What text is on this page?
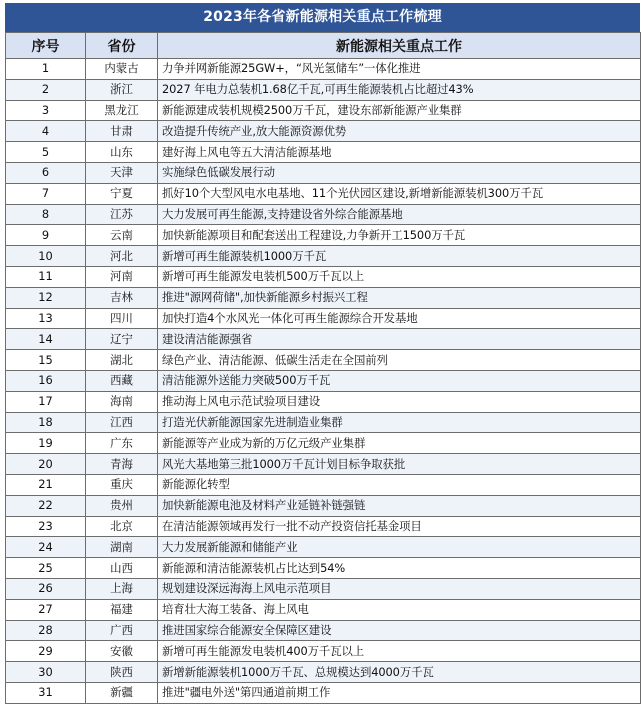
2023年各省新能源相关重点工作梳理
序号	省份	新能源相关重点工作
1	内蒙古	力争并网新能源25GW+，“风光氢储车”一体化推进
2	浙江	2027 年电力总装机1.68亿千瓦,可再生能源装机占比超过43%
3	黑龙江	新能源建成装机规模2500万千瓦，建设东部新能源产业集群
4	甘肃	改造提升传统产业,放大能源资源优势
5	山东	建好海上风电等五大清洁能源基地
6	天津	实施绿色低碳发展行动
7	宁夏	抓好10个大型风电水电基地、11个光伏园区建设,新增新能源装机300万千瓦
8	江苏	大力发展可再生能源,支持建设省外综合能源基地
9	云南	加快新能源项目和配套送出工程建设,力争新开工1500万千瓦
10	河北	新增可再生能源装机1000万千瓦
11	河南	新增可再生能源发电装机500万千瓦以上
12	吉林	推进"源网荷储",加快新能源乡村振兴工程
13	四川	加快打造4个水风光一体化可再生能源综合开发基地
14	辽宁	建设清洁能源强省
15	湖北	绿色产业、清洁能源、低碳生活走在全国前列
16	西藏	清洁能源外送能力突破500万千瓦
17	海南	推动海上风电示范试验项目建设
18	江西	打造光伏新能源国家先进制造业集群
19	广东	新能源等产业成为新的万亿元级产业集群
20	青海	风光大基地第三批1000万千瓦计划目标争取获批
21	重庆	新能源化转型
22	贵州	加快新能源电池及材料产业延链补链强链
23	北京	在清洁能源领域再发行一批不动产投资信托基金项目
24	湖南	大力发展新能源和储能产业
25	山西	新能源和清洁能源装机占比达到54%
26	上海	规划建设深远海海上风电示范项目
27	福建	培育壮大海工装备、海上风电
28	广西	推进国家综合能源安全保障区建设
29	安徽	新增可再生能源发电装机400万千瓦以上
30	陕西	新增新能源装机1000万千瓦、总规模达到4000万千瓦
31	新疆	推进"疆电外送"第四通道前期工作
